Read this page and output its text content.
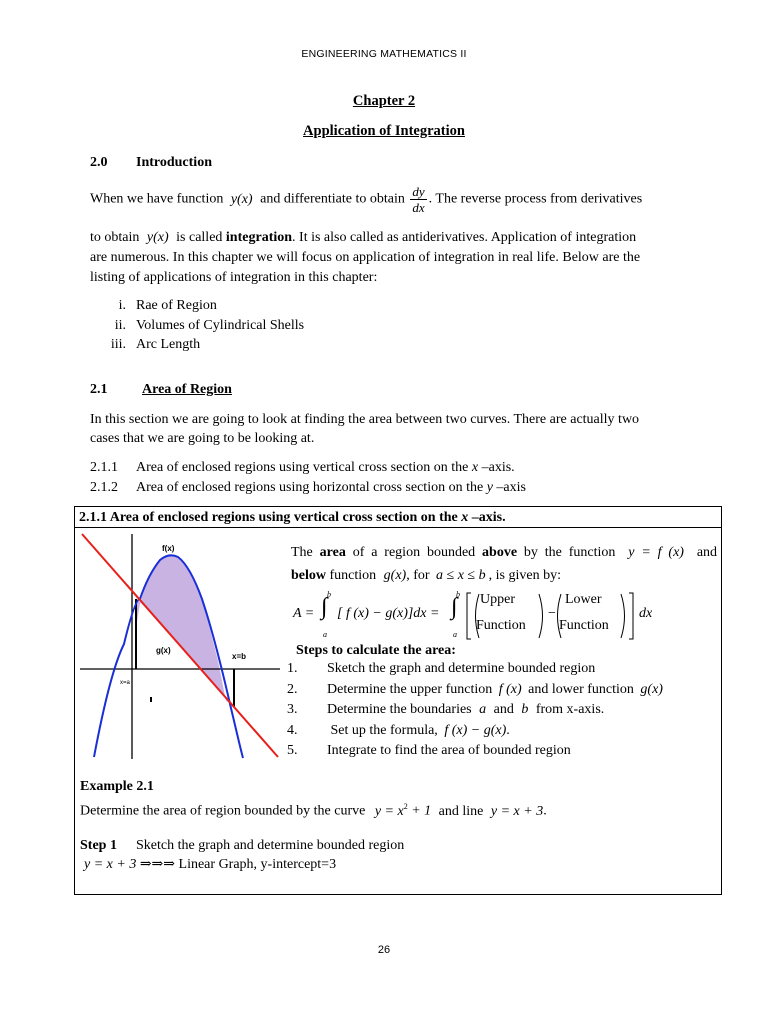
ENGINEERING MATHEMATICS II
Chapter 2
Application of Integration
2.0 Introduction
When we have function y(x) and differentiate to obtain $\frac{dy}{dx}$ . The reverse process from derivatives
to obtain y(x) is called integration. It is also called as antiderivatives. Application of integration
are numerous. In this chapter we will focus on application of integration in real life. Below are the
listing of applications of integration in this chapter:
i. Rae of Region
ii. Volumes of Cylindrical Shells
iii. Arc Length
2.1 Area of Region
In this section we are going to look at finding the area between two curves. There are actually two
cases that we are going to be looking at.
2.1.1 Area of enclosed regions using vertical cross section on the x –axis.
2.1.2 Area of enclosed regions using horizontal cross section on the y –axis
2.1.1 Area of enclosed regions using vertical cross section on the x –axis.
f(x)
g(x)
x=a
x=b
The area of a region bounded above by the function y = f (x) and
below function g(x), for a ≤ x ≤ b , is given by:
A = ∫ b
a
[ f (x) − g(x)]dx = ∫
b
a
Upper
Function
−
Lower
Function
dx
Steps to calculate the area:
1. Sketch the graph and determine bounded region
2. Determine the upper function f (x) and lower function g(x)
3. Determine the boundaries a and b from x-axis.
4. Set up the formula, f (x) − g(x).
5. Integrate to find the area of bounded region
Example 2.1
Determine the area of region bounded by the curve $y = x^2 + 1$ and line y = x + 3.
Step 1 Sketch the graph and determine bounded region
y = x + 3 ⇒⇒⇒ Linear Graph, y-intercept=3
26
